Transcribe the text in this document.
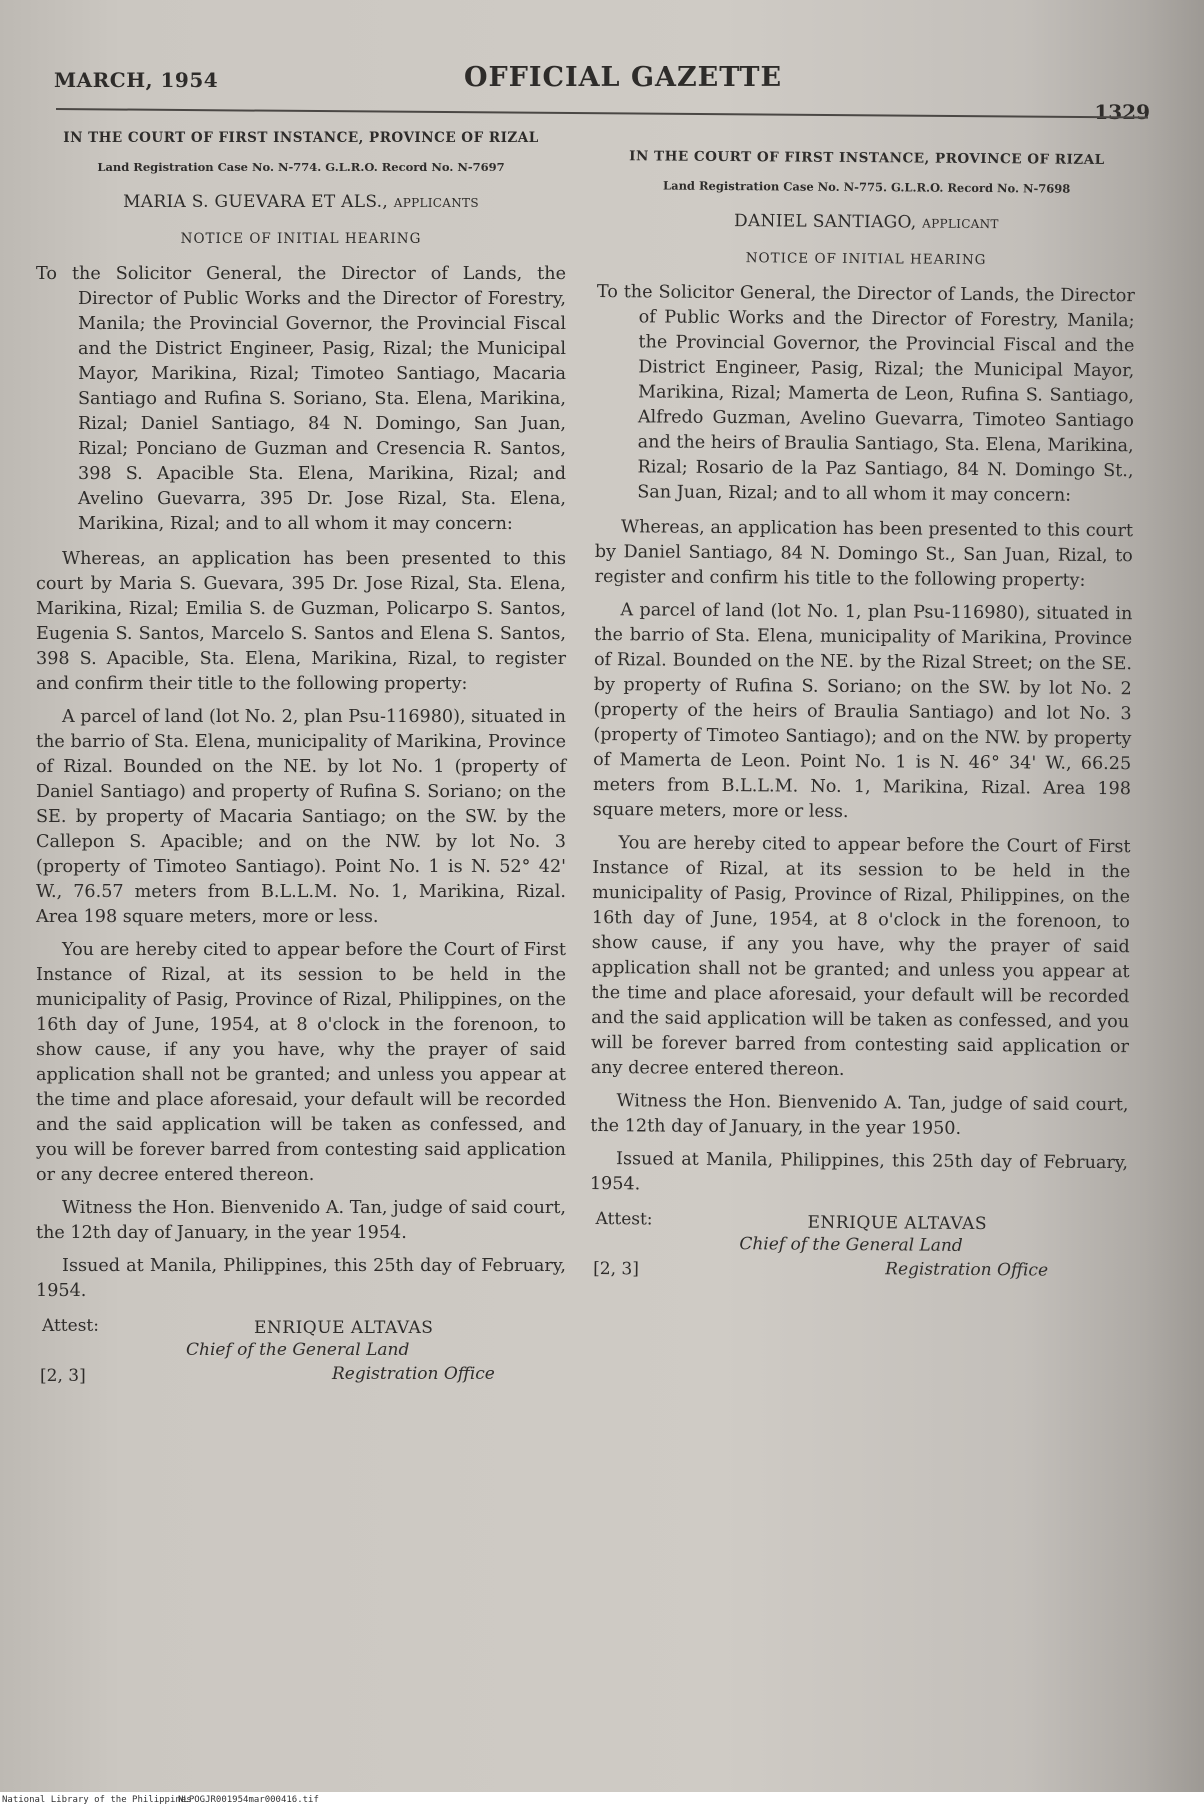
MARCH, 1954	OFFICIAL GAZETTE
1329
IN THE COURT OF FIRST INSTANCE, PROVINCE OF RIZAL
Land Registration Case No. N-774. G.L.R.O. Record No. N-7697
MARIA S. GUEVARA ET ALS., applicants
NOTICE OF INITIAL HEARING

To the Solicitor General, the Director of Lands, the Director of Public Works and the Director of Forestry, Manila; the Provincial Governor, the Provincial Fiscal and the District Engineer, Pasig, Rizal; the Municipal Mayor, Marikina, Rizal; Timoteo Santiago, Macaria Santiago and Rufina S. Soriano, Sta. Elena, Marikina, Rizal; Daniel Santiago, 84 N. Domingo, San Juan, Rizal; Ponciano de Guzman and Cresencia R. Santos, 398 S. Apacible Sta. Elena, Marikina, Rizal; and Avelino Guevarra, 395 Dr. Jose Rizal, Sta. Elena, Marikina, Rizal; and to all whom it may concern:

Whereas, an application has been presented to this court by Maria S. Guevara, 395 Dr. Jose Rizal, Sta. Elena, Marikina, Rizal; Emilia S. de Guzman, Policarpo S. Santos, Eugenia S. Santos, Marcelo S. Santos and Elena S. Santos, 398 S. Apacible, Sta. Elena, Marikina, Rizal, to register and confirm their title to the following property:

A parcel of land (lot No. 2, plan Psu-116980), situated in the barrio of Sta. Elena, municipality of Marikina, Province of Rizal. Bounded on the NE. by lot No. 1 (property of Daniel Santiago) and property of Rufina S. Soriano; on the SE. by property of Macaria Santiago; on the SW. by the Callepon S. Apacible; and on the NW. by lot No. 3 (property of Timoteo Santiago). Point No. 1 is N. 52° 42' W., 76.57 meters from B.L.L.M. No. 1, Marikina, Rizal. Area 198 square meters, more or less.

You are hereby cited to appear before the Court of First Instance of Rizal, at its session to be held in the municipality of Pasig, Province of Rizal, Philippines, on the 16th day of June, 1954, at 8 o'clock in the forenoon, to show cause, if any you have, why the prayer of said application shall not be granted; and unless you appear at the time and place aforesaid, your default will be recorded and the said application will be taken as confessed, and you will be forever barred from contesting said application or any decree entered thereon.

Witness the Hon. Bienvenido A. Tan, judge of said court, the 12th day of January, in the year 1954.

Issued at Manila, Philippines, this 25th day of February, 1954.

Attest:	ENRIQUE ALTAVAS
Chief of the General Land
Registration Office
[2, 3]
IN THE COURT OF FIRST INSTANCE, PROVINCE OF RIZAL
Land Registration Case No. N-775. G.L.R.O. Record No. N-7698
DANIEL SANTIAGO, applicant
NOTICE OF INITIAL HEARING

To the Solicitor General, the Director of Lands, the Director of Public Works and the Director of Forestry, Manila; the Provincial Governor, the Provincial Fiscal and the District Engineer, Pasig, Rizal; the Municipal Mayor, Marikina, Rizal; Mamerta de Leon, Rufina S. Santiago, Alfredo Guzman, Avelino Guevarra, Timoteo Santiago and the heirs of Braulia Santiago, Sta. Elena, Marikina, Rizal; Rosario de la Paz Santiago, 84 N. Domingo St., San Juan, Rizal; and to all whom it may concern:

Whereas, an application has been presented to this court by Daniel Santiago, 84 N. Domingo St., San Juan, Rizal, to register and confirm his title to the following property:

A parcel of land (lot No. 1, plan Psu-116980), situated in the barrio of Sta. Elena, municipality of Marikina, Province of Rizal. Bounded on the NE. by the Rizal Street; on the SE. by property of Rufina S. Soriano; on the SW. by lot No. 2 (property of the heirs of Braulia Santiago) and lot No. 3 (property of Timoteo Santiago); and on the NW. by property of Mamerta de Leon. Point No. 1 is N. 46° 34' W., 66.25 meters from B.L.L.M. No. 1, Marikina, Rizal. Area 198 square meters, more or less.

You are hereby cited to appear before the Court of First Instance of Rizal, at its session to be held in the municipality of Pasig, Province of Rizal, Philippines, on the 16th day of June, 1954, at 8 o'clock in the forenoon, to show cause, if any you have, why the prayer of said application shall not be granted; and unless you appear at the time and place aforesaid, your default will be recorded and the said application will be taken as confessed, and you will be forever barred from contesting said application or any decree entered thereon.

Witness the Hon. Bienvenido A. Tan, judge of said court, the 12th day of January, in the year 1950.

Issued at Manila, Philippines, this 25th day of February, 1954.

Attest:	ENRIQUE ALTAVAS
Chief of the General Land
Registration Office
[2, 3]
National Library of the Philippines
NLPOGJR001954mar000416.tif
